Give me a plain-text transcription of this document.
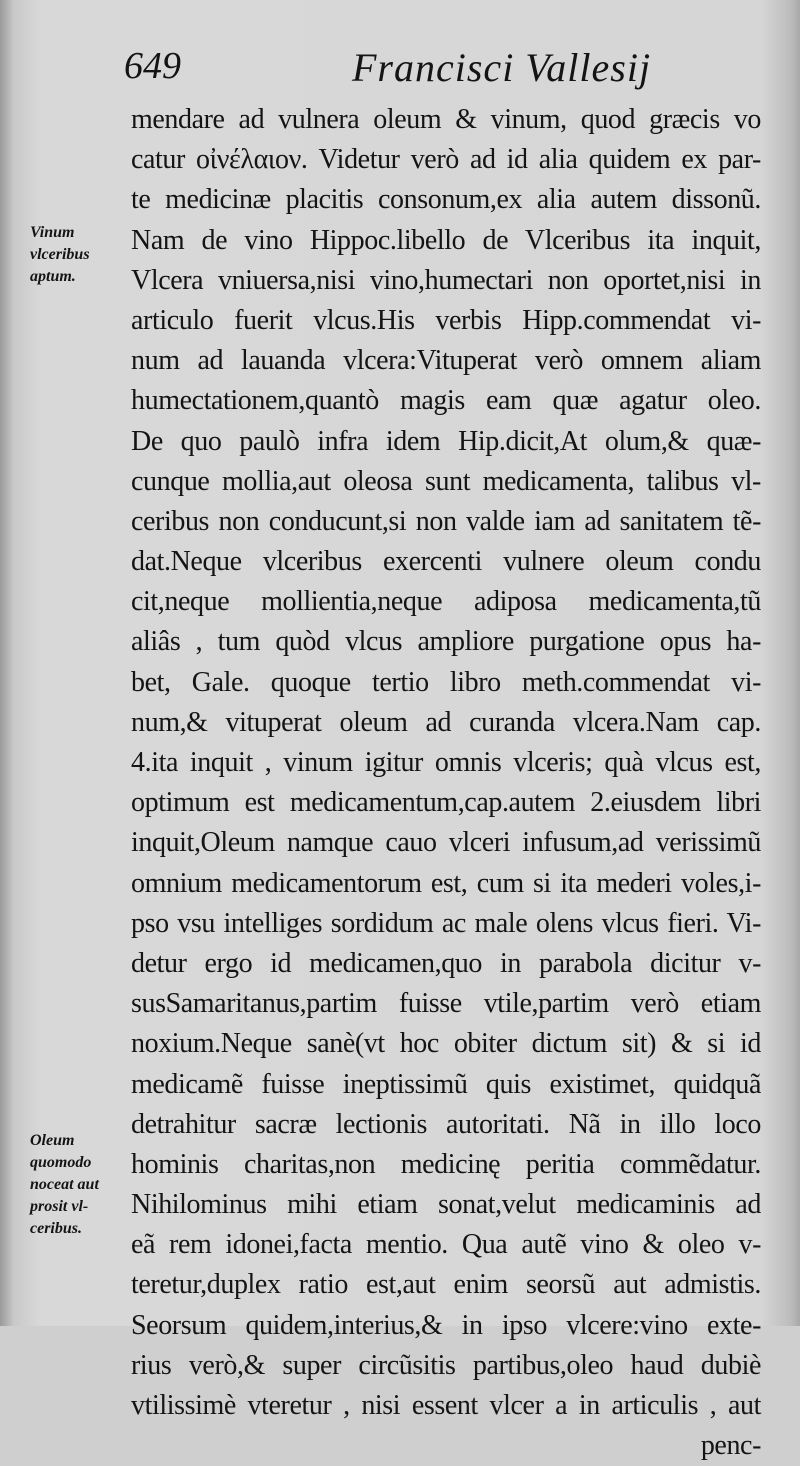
649	Francisci Vallesij
Vinum
vlceribus
aptum.
Oleum
quomodo
noceat aut
prosit vl-
ceribus.
mendare ad vulnera oleum & vinum, quod græcis vo
catur οἰνέλαιον. Videtur verò ad id alia quidem ex par-
te medicinæ placitis consonum,ex alia autem dissonũ.
Nam de vino Hippoc.libello de Vlceribus ita inquit,
Vlcera vniuersa,nisi vino,humectari non oportet,nisi in
articulo fuerit vlcus.His verbis Hipp.commendat vi-
num ad lauanda vlcera:Vituperat verò omnem aliam
humectationem,quantò magis eam quæ agatur oleo.
De quo paulò infra idem Hip.dicit,At olum,& quæ-
cunque mollia,aut oleosa sunt medicamenta, talibus vl-
ceribus non conducunt,si non valde iam ad sanitatem tẽ-
dat.Neque vlceribus exercenti vulnere oleum condu
cit,neque mollientia,neque adiposa medicamenta,tũ
aliâs , tum quòd vlcus ampliore purgatione opus ha-
bet, Gale. quoque tertio libro meth.commendat vi-
num,& vituperat oleum ad curanda vlcera.Nam cap.
4.ita inquit , vinum igitur omnis vlceris; quà vlcus est,
optimum est medicamentum,cap.autem 2.eiusdem libri
inquit,Oleum namque cauo vlceri infusum,ad verissimũ
omnium medicamentorum est, cum si ita mederi voles,i-
pso vsu intelliges sordidum ac male olens vlcus fieri. Vi-
detur ergo id medicamen,quo in parabola dicitur v-
susSamaritanus,partim fuisse vtile,partim verò etiam
noxium.Neque sanè(vt hoc obiter dictum sit) & si id
medicamẽ fuisse ineptissimũ quis existimet, quidquã
detrahitur sacræ lectionis autoritati. Nã in illo loco
hominis charitas,non medicinę peritia commẽdatur.
Nihilominus mihi etiam sonat,velut medicaminis ad
eã rem idonei,facta mentio. Qua autẽ vino & oleo v-
teretur,duplex ratio est,aut enim seorsũ aut admistis.
Seorsum quidem,interius,& in ipso vlcere:vino exte-
rius verò,& super circũsitis partibus,oleo haud dubiè
vtilissimè vteretur , nisi essent vlcer a in articulis , aut
penc-
